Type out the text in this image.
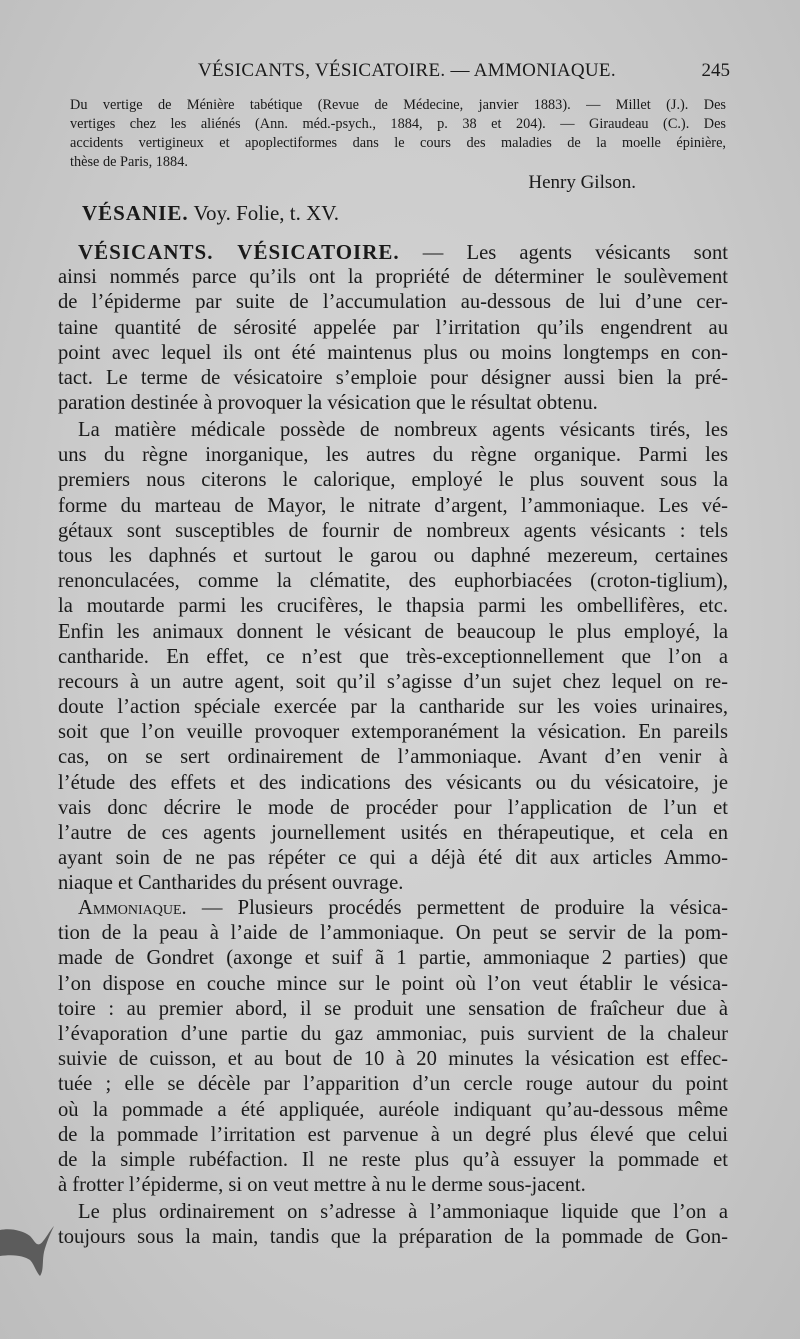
VÉSICANTS, VÉSICATOIRE. — AMMONIAQUE.	245
Du vertige de Ménière tabétique (Revue de Médecine, janvier 1883). — Millet (J.). Des
vertiges chez les aliénés (Ann. méd.-psych., 1884, p. 38 et 204). — Giraudeau (C.). Des
accidents vertigineux et apoplectiformes dans le cours des maladies de la moelle épinière,
thèse de Paris, 1884.
Henry Gilson.
VÉSANIE. Voy. Folie, t. XV.
VÉSICANTS. VÉSICATOIRE. — Les agents vésicants sont
ainsi nommés parce qu’ils ont la propriété de déterminer le soulèvement
de l’épiderme par suite de l’accumulation au-dessous de lui d’une cer-
taine quantité de sérosité appelée par l’irritation qu’ils engendrent au
point avec lequel ils ont été maintenus plus ou moins longtemps en con-
tact. Le terme de vésicatoire s’emploie pour désigner aussi bien la pré-
paration destinée à provoquer la vésication que le résultat obtenu.
La matière médicale possède de nombreux agents vésicants tirés, les
uns du règne inorganique, les autres du règne organique. Parmi les
premiers nous citerons le calorique, employé le plus souvent sous la
forme du marteau de Mayor, le nitrate d’argent, l’ammoniaque. Les vé-
gétaux sont susceptibles de fournir de nombreux agents vésicants : tels
tous les daphnés et surtout le garou ou daphné mezereum, certaines
renonculacées, comme la clématite, des euphorbiacées (croton-tiglium),
la moutarde parmi les crucifères, le thapsia parmi les ombellifères, etc.
Enfin les animaux donnent le vésicant de beaucoup le plus employé, la
cantharide. En effet, ce n’est que très-exceptionnellement que l’on a
recours à un autre agent, soit qu’il s’agisse d’un sujet chez lequel on re-
doute l’action spéciale exercée par la cantharide sur les voies urinaires,
soit que l’on veuille provoquer extemporanément la vésication. En pareils
cas, on se sert ordinairement de l’ammoniaque. Avant d’en venir à
l’étude des effets et des indications des vésicants ou du vésicatoire, je
vais donc décrire le mode de procéder pour l’application de l’un et
l’autre de ces agents journellement usités en thérapeutique, et cela en
ayant soin de ne pas répéter ce qui a déjà été dit aux articles Ammo-
niaque et Cantharides du présent ouvrage.
Ammoniaque. — Plusieurs procédés permettent de produire la vésica-
tion de la peau à l’aide de l’ammoniaque. On peut se servir de la pom-
made de Gondret (axonge et suif ã 1 partie, ammoniaque 2 parties) que
l’on dispose en couche mince sur le point où l’on veut établir le vésica-
toire : au premier abord, il se produit une sensation de fraîcheur due à
l’évaporation d’une partie du gaz ammoniac, puis survient de la chaleur
suivie de cuisson, et au bout de 10 à 20 minutes la vésication est effec-
tuée ; elle se décèle par l’apparition d’un cercle rouge autour du point
où la pommade a été appliquée, auréole indiquant qu’au-dessous même
de la pommade l’irritation est parvenue à un degré plus élevé que celui
de la simple rubéfaction. Il ne reste plus qu’à essuyer la pommade et
à frotter l’épiderme, si on veut mettre à nu le derme sous-jacent.
Le plus ordinairement on s’adresse à l’ammoniaque liquide que l’on a
toujours sous la main, tandis que la préparation de la pommade de Gon-
